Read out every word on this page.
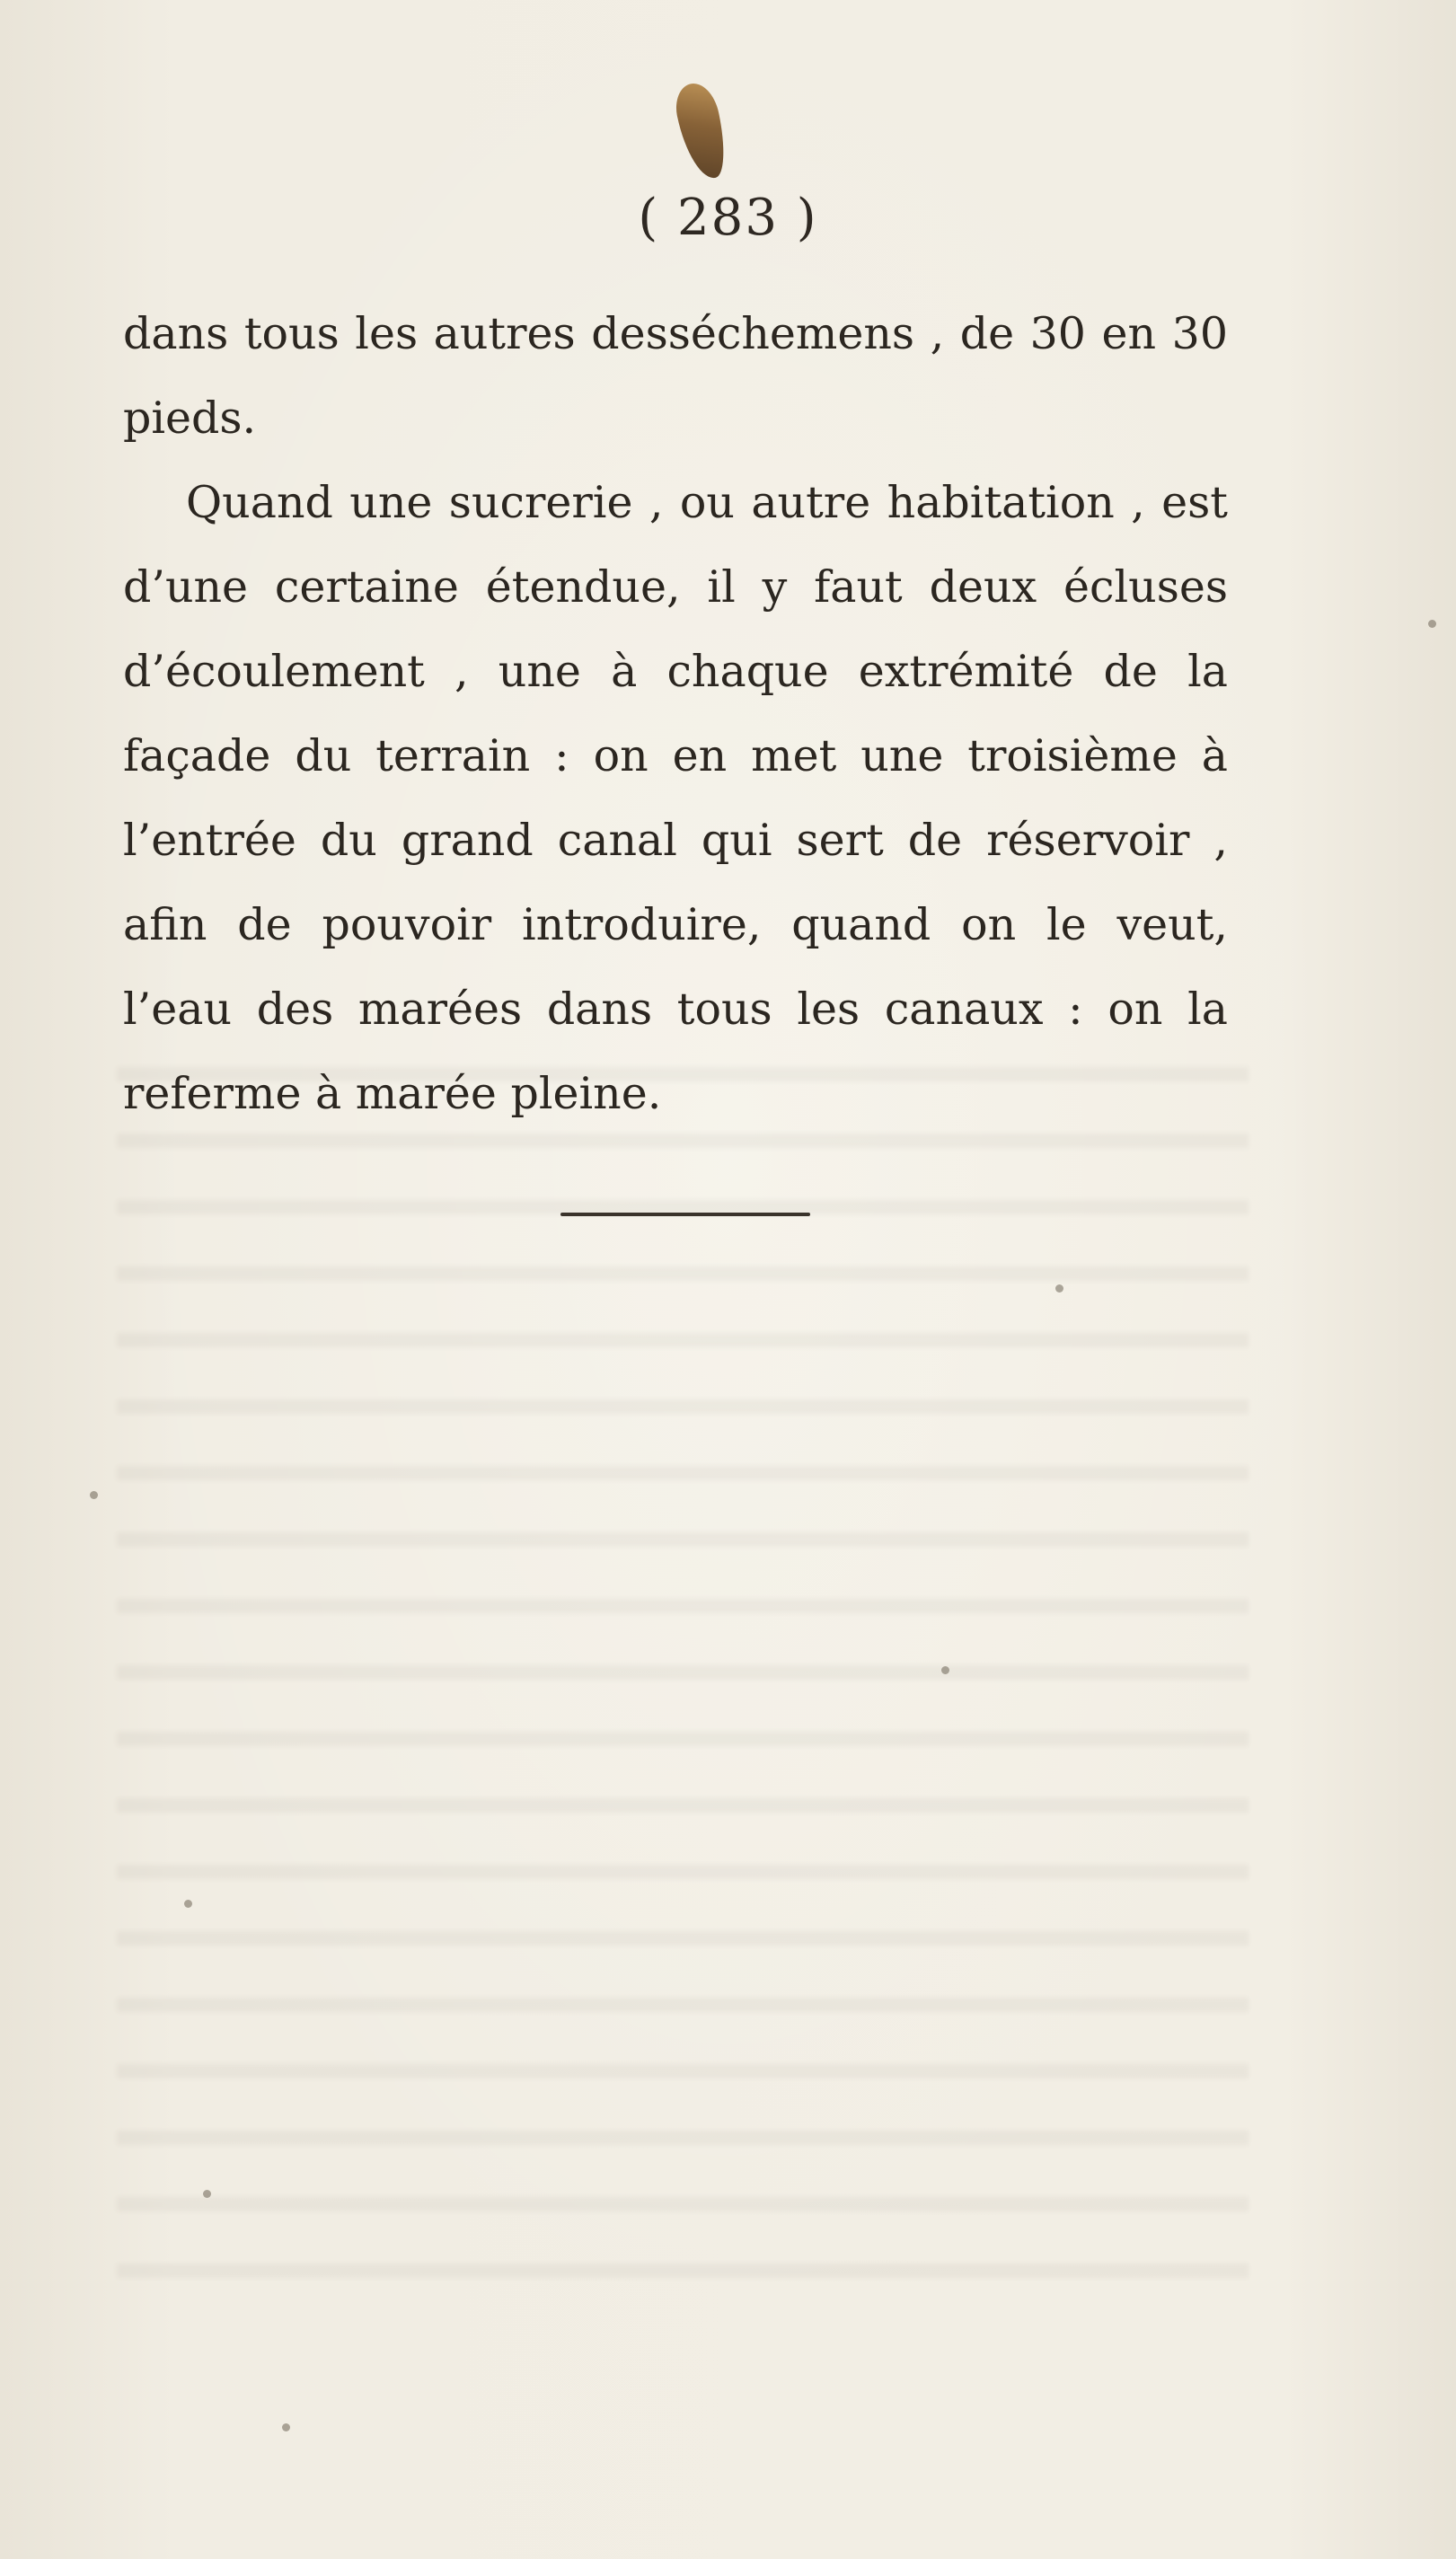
( 283 )

dans tous les autres desséchemens , de 30 en 30 pieds.

Quand une sucrerie , ou autre habitation , est d’une certaine étendue, il y faut deux écluses d’écoulement , une à chaque extrémité de la façade du terrain : on en met une troisième à l’entrée du grand canal qui sert de réservoir , afin de pouvoir introduire, quand on le veut, l’eau des marées dans tous les canaux : on la referme à marée pleine.
